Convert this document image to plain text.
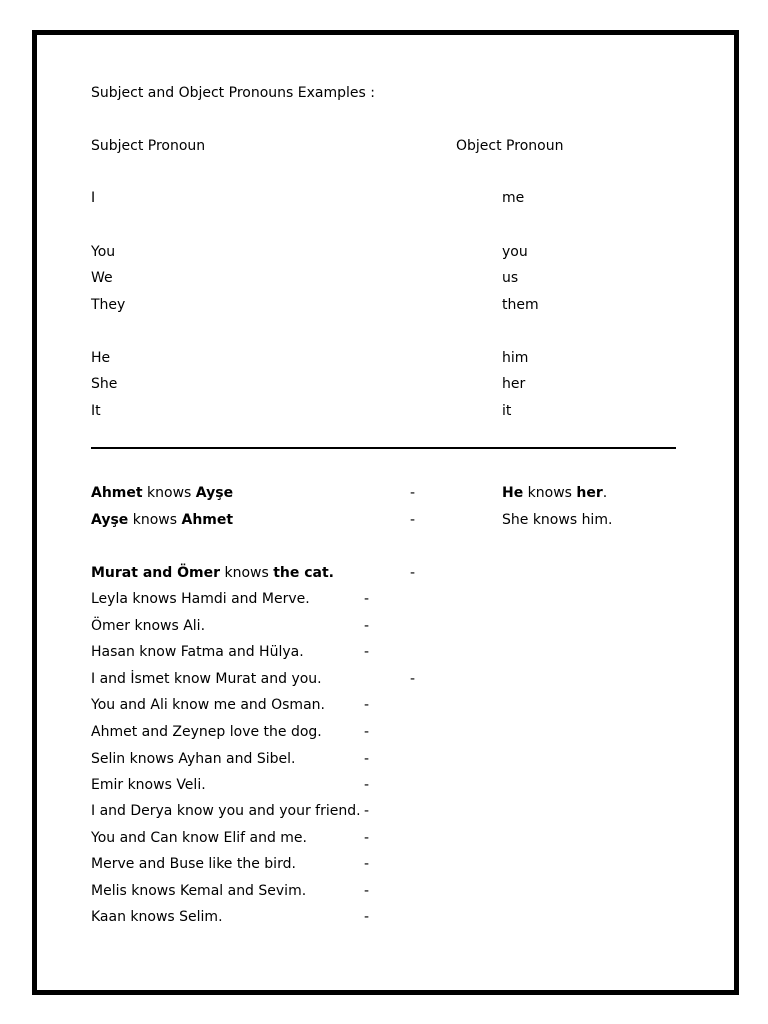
Subject and Object Pronouns Examples :
Subject Pronoun	Object Pronoun
I	me
You	you
We	us
They	them
He	him
She	her
It	it
Ahmet knows Ayşe	-	He knows her.
Ayşe knows Ahmet	-	She knows him.
Murat and Ömer knows the cat.	-
Leyla knows Hamdi and Merve.	-
Ömer knows Ali.	-
Hasan know Fatma and Hülya.	-
I and İsmet know Murat and you.	-
You and Ali know me and Osman.	-
Ahmet and Zeynep love the dog.	-
Selin knows Ayhan and Sibel.	-
Emir knows Veli.	-
I and Derya know you and your friend. -
You and Can know Elif and me.	-
Merve and Buse like the bird.	-
Melis knows Kemal and Sevim.	-
Kaan knows Selim.	-
